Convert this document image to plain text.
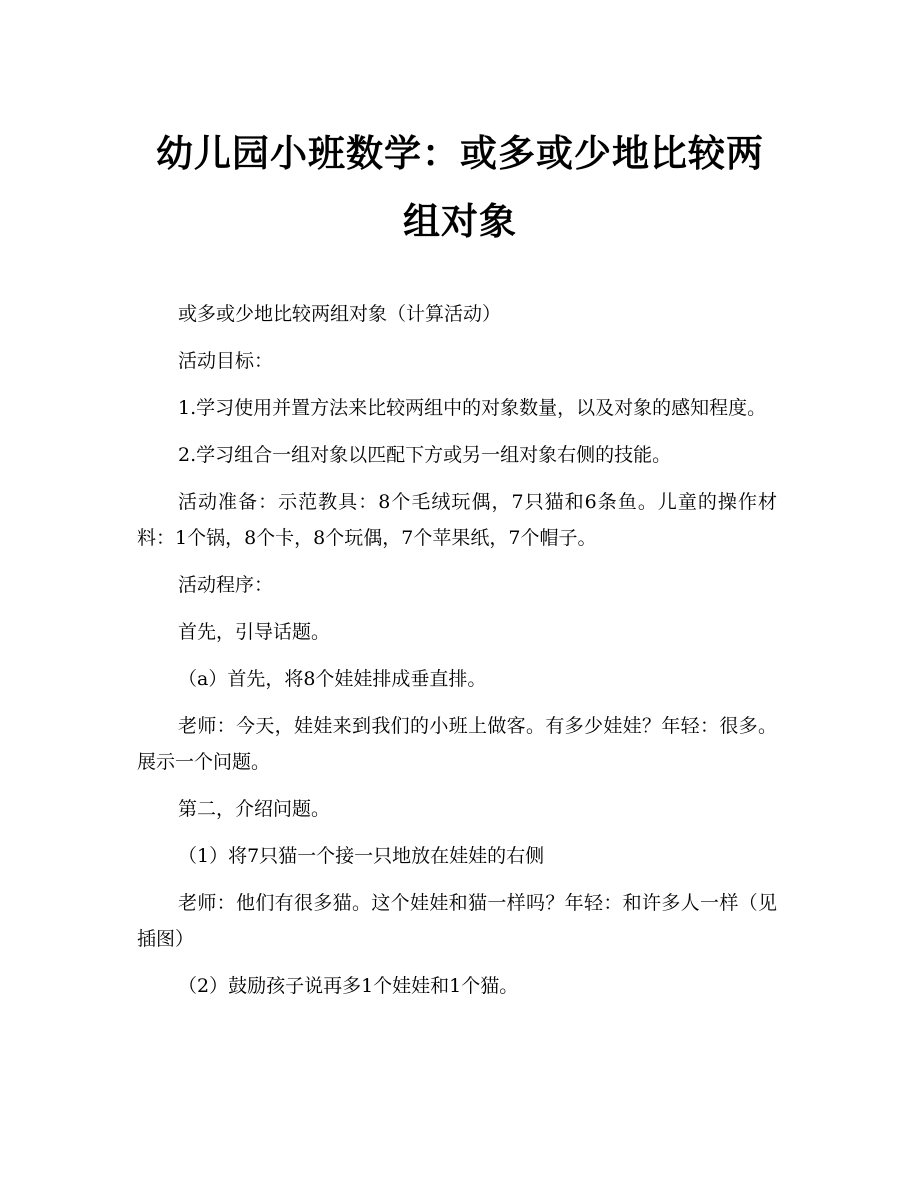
幼儿园小班数学：或多或少地比较两
组对象

或多或少地比较两组对象（计算活动）

活动目标：

1.学习使用并置方法来比较两组中的对象数量，以及对象的感知程度。

2.学习组合一组对象以匹配下方或另一组对象右侧的技能。

活动准备：示范教具：8个毛绒玩偶，7只猫和6条鱼。儿童的操作材料：1个锅，8个卡，8个玩偶，7个苹果纸，7个帽子。

活动程序：

首先，引导话题。

（a）首先，将8个娃娃排成垂直排。

老师：今天，娃娃来到我们的小班上做客。有多少娃娃？年轻：很多。展示一个问题。

第二，介绍问题。

（1）将7只猫一个接一只地放在娃娃的右侧

老师：他们有很多猫。这个娃娃和猫一样吗？年轻：和许多人一样（见插图）

（2）鼓励孩子说再多1个娃娃和1个猫。
